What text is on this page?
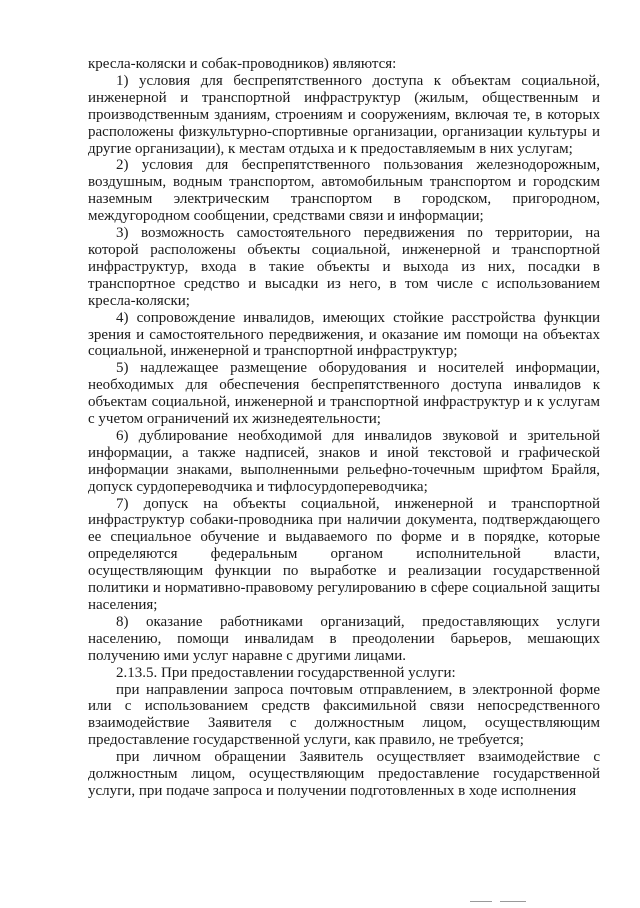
кресла-коляски и собак-проводников) являются:

1) условия для беспрепятственного доступа к объектам социальной, инженерной и транспортной инфраструктур (жилым, общественным и производственным зданиям, строениям и сооружениям, включая те, в которых расположены физкультурно-спортивные организации, организации культуры и другие организации), к местам отдыха и к предоставляемым в них услугам;

2) условия для беспрепятственного пользования железнодорожным, воздушным, водным транспортом, автомобильным транспортом и городским наземным электрическим транспортом в городском, пригородном, междугородном сообщении, средствами связи и информации;

3) возможность самостоятельного передвижения по территории, на которой расположены объекты социальной, инженерной и транспортной инфраструктур, входа в такие объекты и выхода из них, посадки в транспортное средство и высадки из него, в том числе с использованием кресла-коляски;

4) сопровождение инвалидов, имеющих стойкие расстройства функции зрения и самостоятельного передвижения, и оказание им помощи на объектах социальной, инженерной и транспортной инфраструктур;

5) надлежащее размещение оборудования и носителей информации, необходимых для обеспечения беспрепятственного доступа инвалидов к объектам социальной, инженерной и транспортной инфраструктур и к услугам с учетом ограничений их жизнедеятельности;

6) дублирование необходимой для инвалидов звуковой и зрительной информации, а также надписей, знаков и иной текстовой и графической информации знаками, выполненными рельефно-точечным шрифтом Брайля, допуск сурдопереводчика и тифлосурдопереводчика;

7) допуск на объекты социальной, инженерной и транспортной инфраструктур собаки-проводника при наличии документа, подтверждающего ее специальное обучение и выдаваемого по форме и в порядке, которые определяются федеральным органом исполнительной власти, осуществляющим функции по выработке и реализации государственной политики и нормативно-правовому регулированию в сфере социальной защиты населения;

8) оказание работниками организаций, предоставляющих услуги населению, помощи инвалидам в преодолении барьеров, мешающих получению ими услуг наравне с другими лицами.

2.13.5. При предоставлении государственной услуги:

при направлении запроса почтовым отправлением, в электронной форме или с использованием средств факсимильной связи непосредственного взаимодействие Заявителя с должностным лицом, осуществляющим предоставление государственной услуги, как правило, не требуется;

при личном обращении Заявитель осуществляет взаимодействие с должностным лицом, осуществляющим предоставление государственной услуги, при подаче запроса и получении подготовленных в ходе исполнения
